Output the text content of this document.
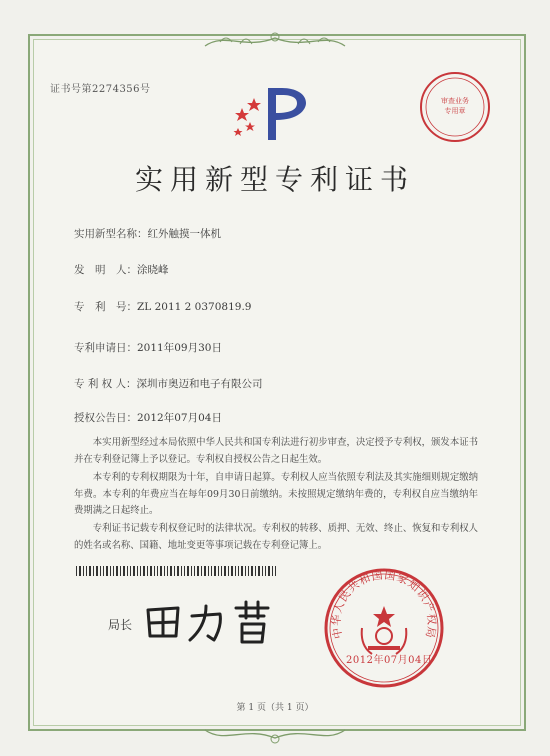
证书号第2274356号
审查业务
专用章
实用新型专利证书
实用新型名称：红外触摸一体机
发　明　人：涂晓峰
专　利　号：ZL 2011 2 0370819.9
专利申请日：2011年09月30日
专 利 权 人：深圳市奥迈和电子有限公司
授权公告日：2012年07月04日
　　本实用新型经过本局依照中华人民共和国专利法进行初步审查，决定授予专利权，颁发本证书并在专利登记簿上予以登记。专利权自授权公告之日起生效。
　　本专利的专利权期限为十年，自申请日起算。专利权人应当依照专利法及其实施细则规定缴纳年费。本专利的年费应当在每年09月30日前缴纳。未按照规定缴纳年费的，专利权自应当缴纳年费期满之日起终止。
　　专利证书记载专利权登记时的法律状况。专利权的转移、质押、无效、终止、恢复和专利权人的姓名或名称、国籍、地址变更等事项记载在专利登记簿上。
局长
中华人民共和国国家知识产权局
2012年07月04日
第 1 页（共 1 页）
